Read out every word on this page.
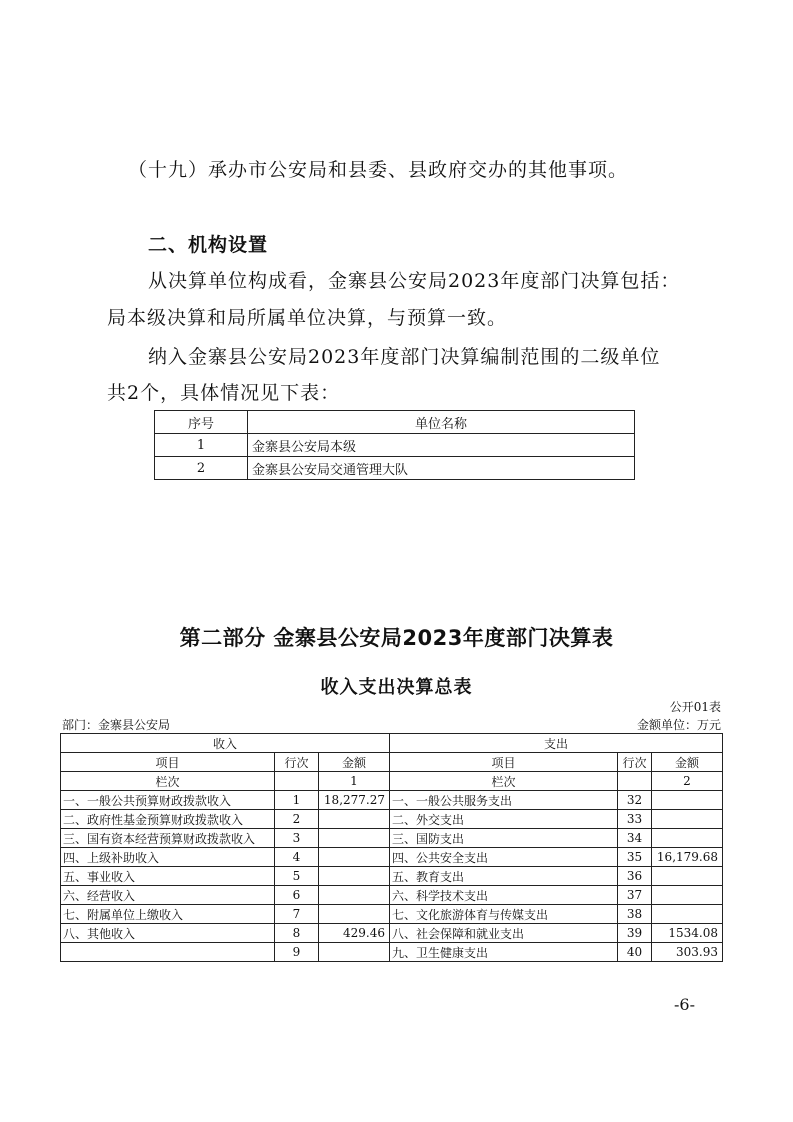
（十九）承办市公安局和县委、县政府交办的其他事项。
二、机构设置
从决算单位构成看，金寨县公安局2023年度部门决算包括：
局本级决算和局所属单位决算，与预算一致。
纳入金寨县公安局2023年度部门决算编制范围的二级单位
共2个，具体情况见下表：
序号	单位名称
1	金寨县公安局本级
2	金寨县公安局交通管理大队
第二部分 金寨县公安局2023年度部门决算表
收入支出决算总表
公开01表
部门：金寨县公安局	金额单位：万元
收入			支出		
项目	行次	金额	项目	行次	金额
栏次		1	栏次		2
一、一般公共预算财政拨款收入	1	18,277.27	一、一般公共服务支出	32	
二、政府性基金预算财政拨款收入	2		二、外交支出	33	
三、国有资本经营预算财政拨款收入	3		三、国防支出	34	
四、上级补助收入	4		四、公共安全支出	35	16,179.68
五、事业收入	5		五、教育支出	36	
六、经营收入	6		六、科学技术支出	37	
七、附属单位上缴收入	7		七、文化旅游体育与传媒支出	38	
八、其他收入	8	429.46	八、社会保障和就业支出	39	1534.08
	9		九、卫生健康支出	40	303.93
-6-
